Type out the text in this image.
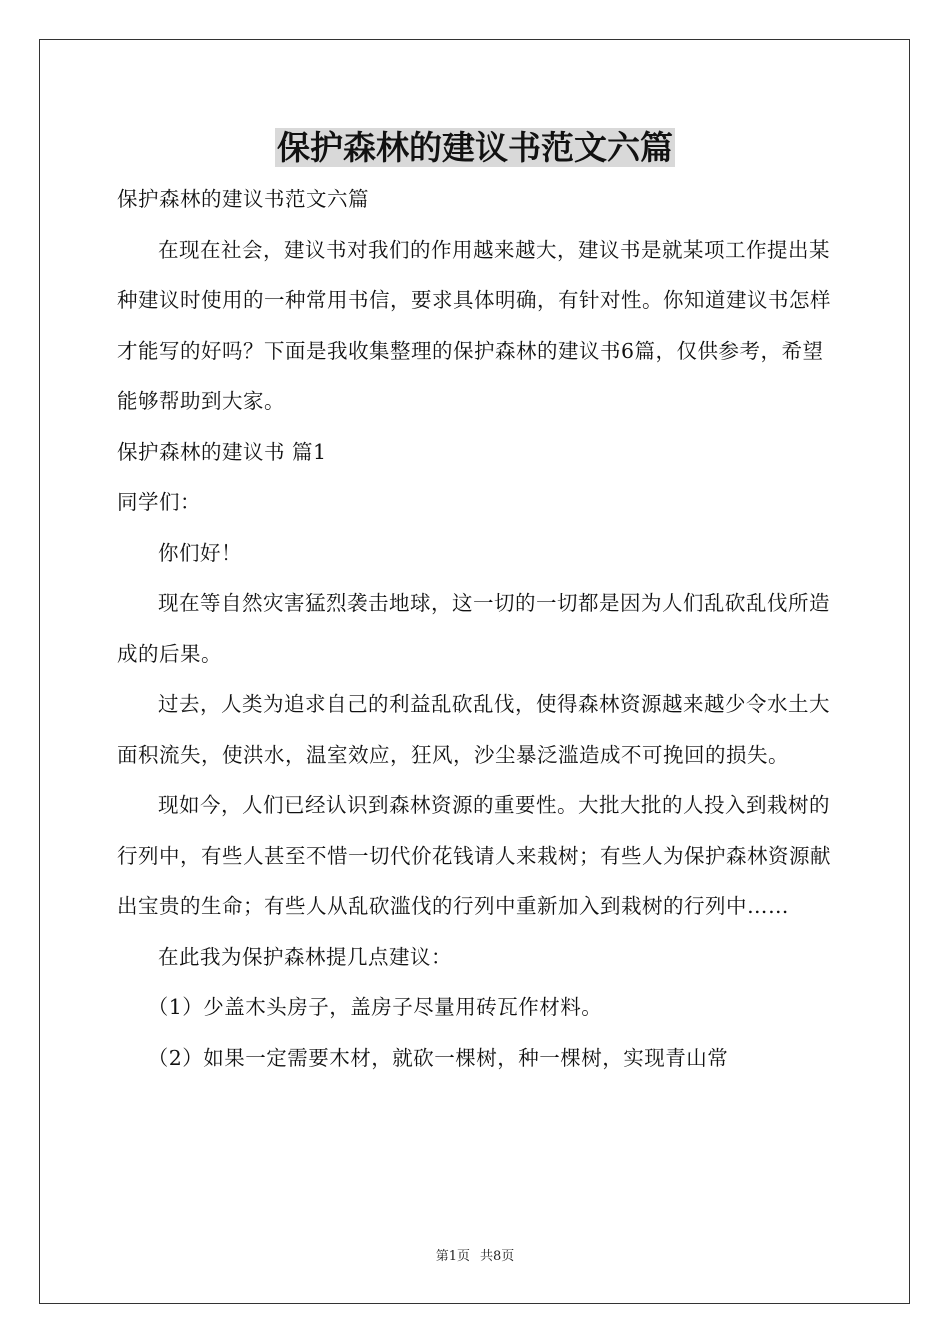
保护森林的建议书范文六篇

保护森林的建议书范文六篇

在现在社会，建议书对我们的作用越来越大，建议书是就某项工作提出某种建议时使用的一种常用书信，要求具体明确，有针对性。你知道建议书怎样才能写的好吗？下面是我收集整理的保护森林的建议书6篇，仅供参考，希望能够帮助到大家。

保护森林的建议书 篇1

同学们：

你们好！

现在等自然灾害猛烈袭击地球，这一切的一切都是因为人们乱砍乱伐所造成的后果。

过去，人类为追求自己的利益乱砍乱伐，使得森林资源越来越少令水土大面积流失，使洪水，温室效应，狂风，沙尘暴泛滥造成不可挽回的损失。

现如今，人们已经认识到森林资源的重要性。大批大批的人投入到栽树的行列中，有些人甚至不惜一切代价花钱请人来栽树；有些人为保护森林资源献出宝贵的生命；有些人从乱砍滥伐的行列中重新加入到栽树的行列中……

在此我为保护森林提几点建议：

（1）少盖木头房子，盖房子尽量用砖瓦作材料。

（2）如果一定需要木材，就砍一棵树，种一棵树，实现青山常

第1页 共8页
